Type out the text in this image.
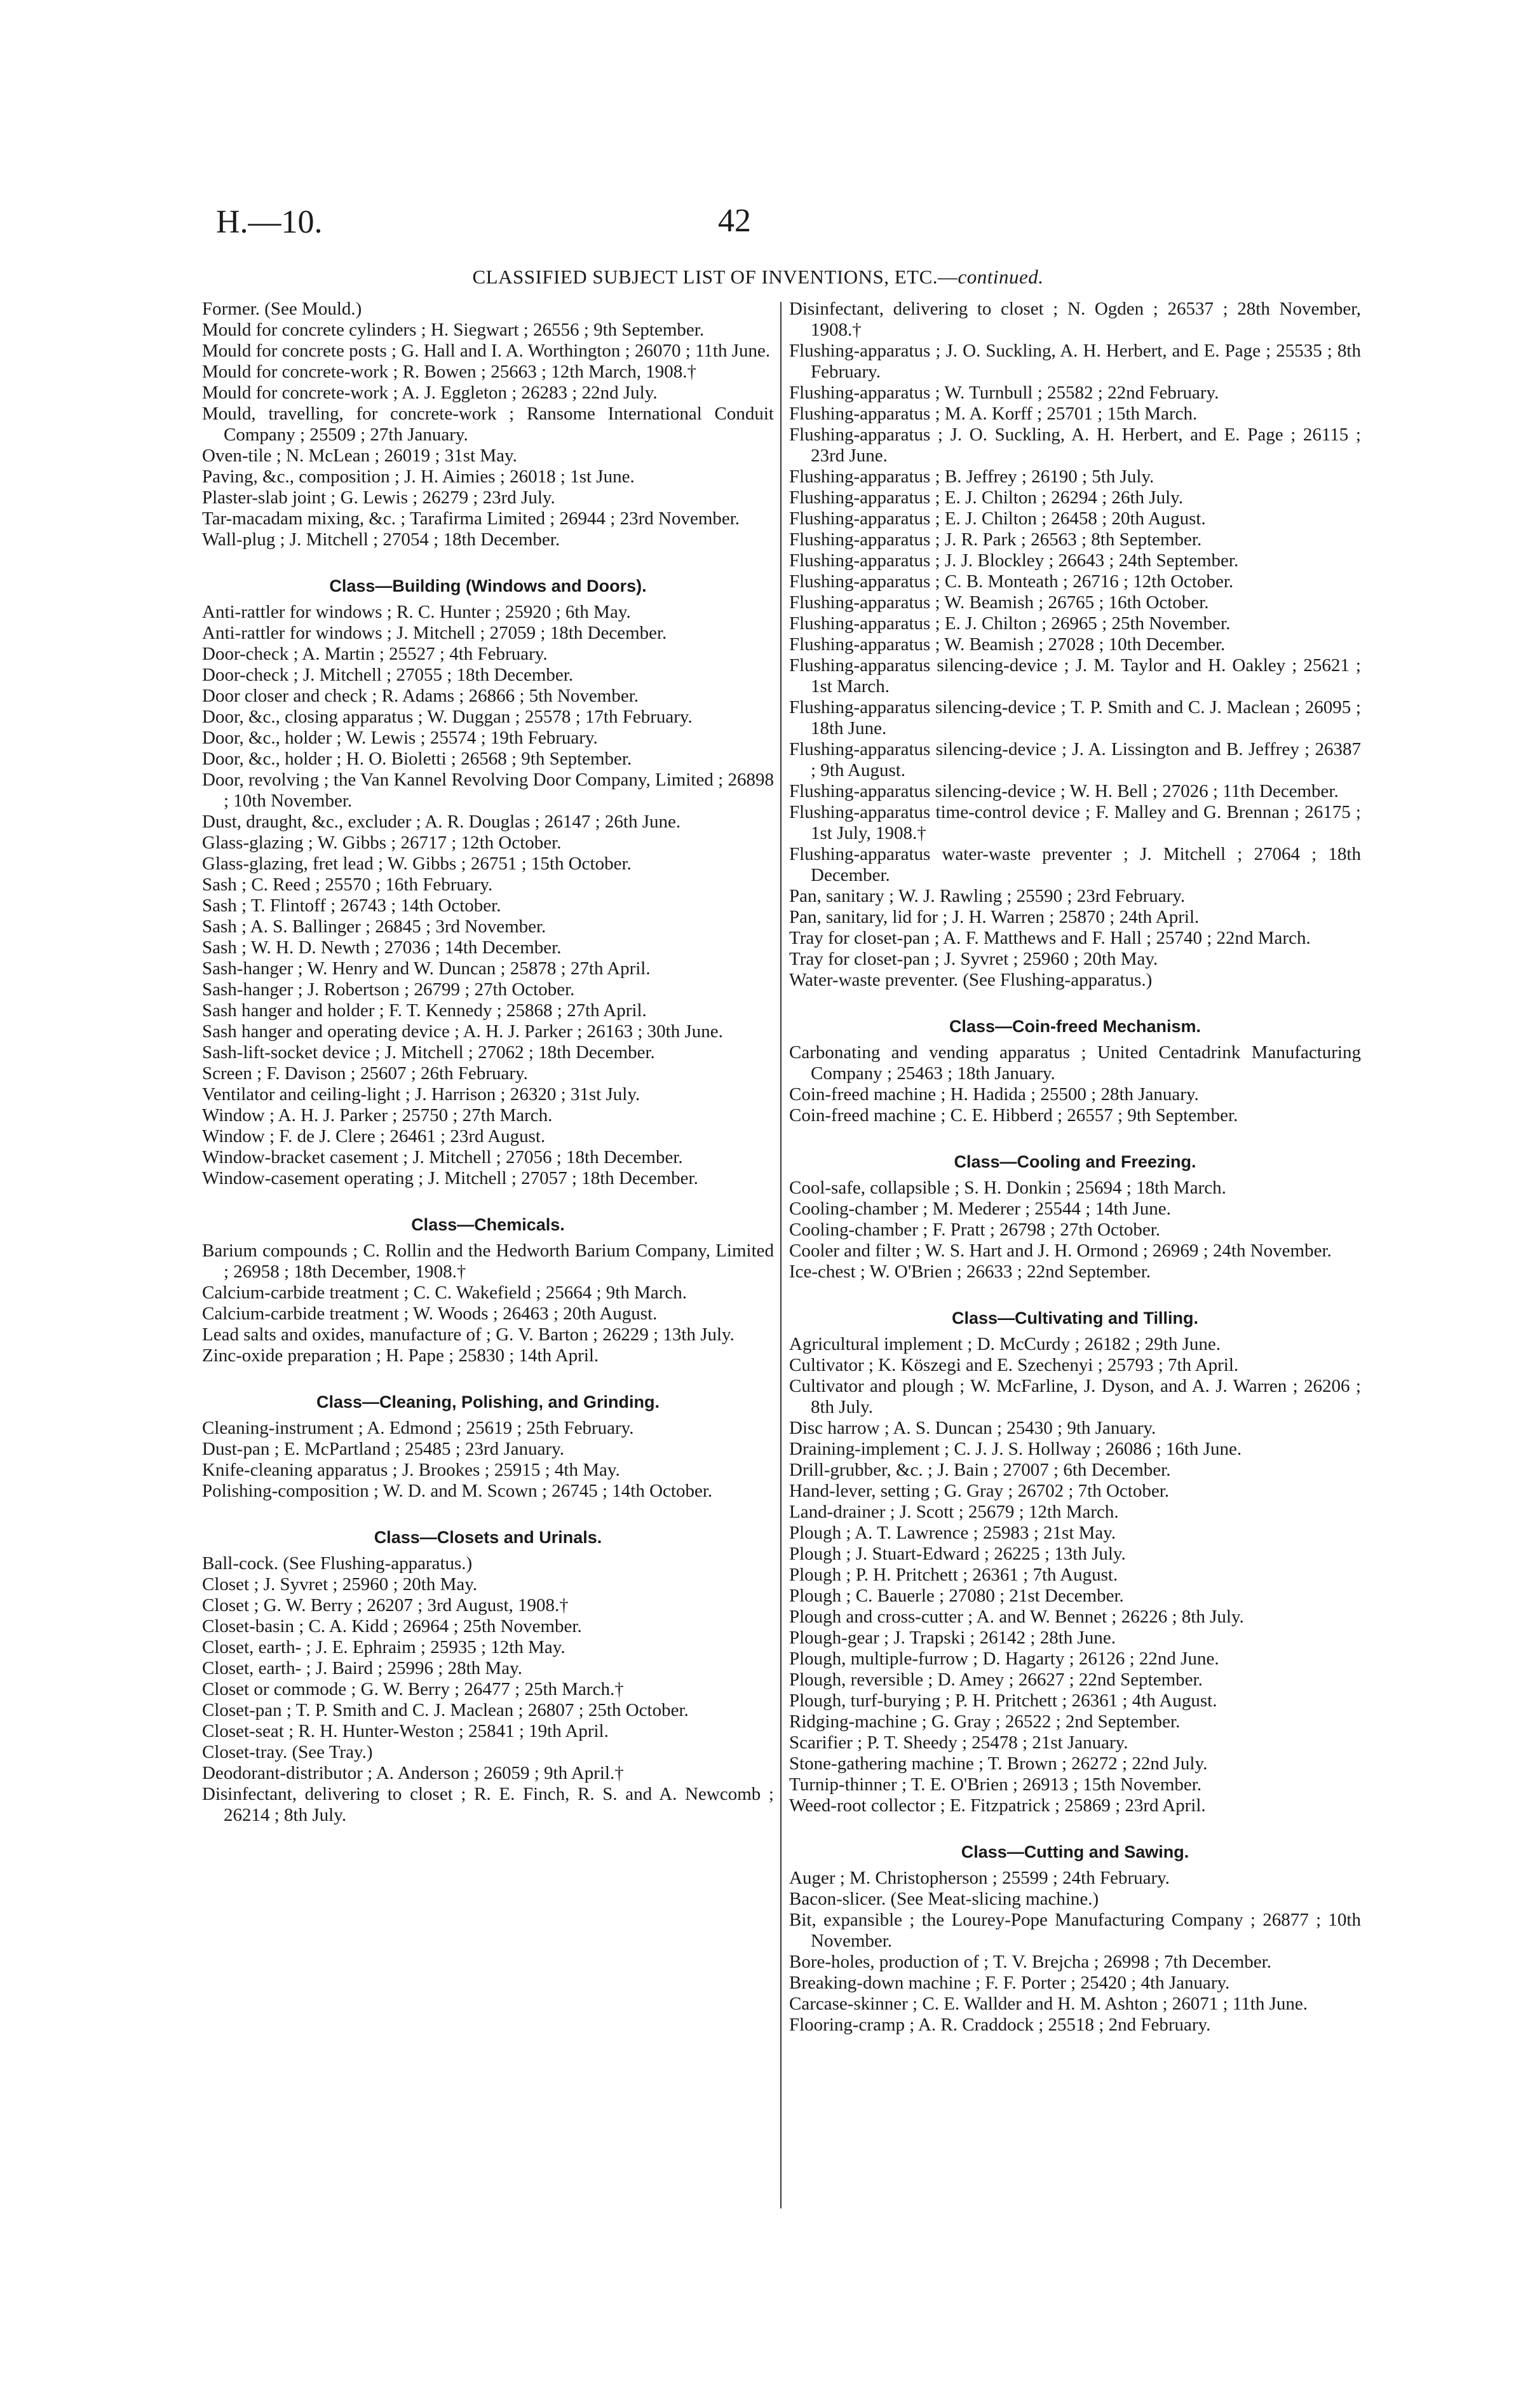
H.—10.	42
CLASSIFIED SUBJECT LIST OF INVENTIONS, ETC.—continued.

Former. (See Mould.)

Mould for concrete cylinders ; H. Siegwart ; 26556 ; 9th September.

Mould for concrete posts ; G. Hall and I. A. Worthington ; 26070 ; 11th June.

Mould for concrete-work ; R. Bowen ; 25663 ; 12th March, 1908.†

Mould for concrete-work ; A. J. Eggleton ; 26283 ; 22nd July.

Mould, travelling, for concrete-work ; Ransome International Conduit Company ; 25509 ; 27th January.

Oven-tile ; N. McLean ; 26019 ; 31st May.

Paving, &c., composition ; J. H. Aimies ; 26018 ; 1st June.

Plaster-slab joint ; G. Lewis ; 26279 ; 23rd July.

Tar-macadam mixing, &c. ; Tarafirma Limited ; 26944 ; 23rd November.

Wall-plug ; J. Mitchell ; 27054 ; 18th December.

Class—Building (Windows and Doors).

Anti-rattler for windows ; R. C. Hunter ; 25920 ; 6th May.

Anti-rattler for windows ; J. Mitchell ; 27059 ; 18th December.

Door-check ; A. Martin ; 25527 ; 4th February.

Door-check ; J. Mitchell ; 27055 ; 18th December.

Door closer and check ; R. Adams ; 26866 ; 5th November.

Door, &c., closing apparatus ; W. Duggan ; 25578 ; 17th February.

Door, &c., holder ; W. Lewis ; 25574 ; 19th February.

Door, &c., holder ; H. O. Bioletti ; 26568 ; 9th September.

Door, revolving ; the Van Kannel Revolving Door Company, Limited ; 26898 ; 10th November.

Dust, draught, &c., excluder ; A. R. Douglas ; 26147 ; 26th June.

Glass-glazing ; W. Gibbs ; 26717 ; 12th October.

Glass-glazing, fret lead ; W. Gibbs ; 26751 ; 15th October.

Sash ; C. Reed ; 25570 ; 16th February.

Sash ; T. Flintoff ; 26743 ; 14th October.

Sash ; A. S. Ballinger ; 26845 ; 3rd November.

Sash ; W. H. D. Newth ; 27036 ; 14th December.

Sash-hanger ; W. Henry and W. Duncan ; 25878 ; 27th April.

Sash-hanger ; J. Robertson ; 26799 ; 27th October.

Sash hanger and holder ; F. T. Kennedy ; 25868 ; 27th April.

Sash hanger and operating device ; A. H. J. Parker ; 26163 ; 30th June.

Sash-lift-socket device ; J. Mitchell ; 27062 ; 18th December.

Screen ; F. Davison ; 25607 ; 26th February.

Ventilator and ceiling-light ; J. Harrison ; 26320 ; 31st July.

Window ; A. H. J. Parker ; 25750 ; 27th March.

Window ; F. de J. Clere ; 26461 ; 23rd August.

Window-bracket casement ; J. Mitchell ; 27056 ; 18th December.

Window-casement operating ; J. Mitchell ; 27057 ; 18th December.

Class—Chemicals.

Barium compounds ; C. Rollin and the Hedworth Barium Company, Limited ; 26958 ; 18th December, 1908.†

Calcium-carbide treatment ; C. C. Wakefield ; 25664 ; 9th March.

Calcium-carbide treatment ; W. Woods ; 26463 ; 20th August.

Lead salts and oxides, manufacture of ; G. V. Barton ; 26229 ; 13th July.

Zinc-oxide preparation ; H. Pape ; 25830 ; 14th April.

Class—Cleaning, Polishing, and Grinding.

Cleaning-instrument ; A. Edmond ; 25619 ; 25th February.

Dust-pan ; E. McPartland ; 25485 ; 23rd January.

Knife-cleaning apparatus ; J. Brookes ; 25915 ; 4th May.

Polishing-composition ; W. D. and M. Scown ; 26745 ; 14th October.

Class—Closets and Urinals.

Ball-cock. (See Flushing-apparatus.)

Closet ; J. Syvret ; 25960 ; 20th May.

Closet ; G. W. Berry ; 26207 ; 3rd August, 1908.†

Closet-basin ; C. A. Kidd ; 26964 ; 25th November.

Closet, earth- ; J. E. Ephraim ; 25935 ; 12th May.

Closet, earth- ; J. Baird ; 25996 ; 28th May.

Closet or commode ; G. W. Berry ; 26477 ; 25th March.†

Closet-pan ; T. P. Smith and C. J. Maclean ; 26807 ; 25th October.

Closet-seat ; R. H. Hunter-Weston ; 25841 ; 19th April.

Closet-tray. (See Tray.)

Deodorant-distributor ; A. Anderson ; 26059 ; 9th April.†

Disinfectant, delivering to closet ; R. E. Finch, R. S. and A. Newcomb ; 26214 ; 8th July.

Disinfectant, delivering to closet ; N. Ogden ; 26537 ; 28th November, 1908.†

Flushing-apparatus ; J. O. Suckling, A. H. Herbert, and E. Page ; 25535 ; 8th February.

Flushing-apparatus ; W. Turnbull ; 25582 ; 22nd February.

Flushing-apparatus ; M. A. Korff ; 25701 ; 15th March.

Flushing-apparatus ; J. O. Suckling, A. H. Herbert, and E. Page ; 26115 ; 23rd June.

Flushing-apparatus ; B. Jeffrey ; 26190 ; 5th July.

Flushing-apparatus ; E. J. Chilton ; 26294 ; 26th July.

Flushing-apparatus ; E. J. Chilton ; 26458 ; 20th August.

Flushing-apparatus ; J. R. Park ; 26563 ; 8th September.

Flushing-apparatus ; J. J. Blockley ; 26643 ; 24th September.

Flushing-apparatus ; C. B. Monteath ; 26716 ; 12th October.

Flushing-apparatus ; W. Beamish ; 26765 ; 16th October.

Flushing-apparatus ; E. J. Chilton ; 26965 ; 25th November.

Flushing-apparatus ; W. Beamish ; 27028 ; 10th December.

Flushing-apparatus silencing-device ; J. M. Taylor and H. Oakley ; 25621 ; 1st March.

Flushing-apparatus silencing-device ; T. P. Smith and C. J. Maclean ; 26095 ; 18th June.

Flushing-apparatus silencing-device ; J. A. Lissington and B. Jeffrey ; 26387 ; 9th August.

Flushing-apparatus silencing-device ; W. H. Bell ; 27026 ; 11th December.

Flushing-apparatus time-control device ; F. Malley and G. Brennan ; 26175 ; 1st July, 1908.†

Flushing-apparatus water-waste preventer ; J. Mitchell ; 27064 ; 18th December.

Pan, sanitary ; W. J. Rawling ; 25590 ; 23rd February.

Pan, sanitary, lid for ; J. H. Warren ; 25870 ; 24th April.

Tray for closet-pan ; A. F. Matthews and F. Hall ; 25740 ; 22nd March.

Tray for closet-pan ; J. Syvret ; 25960 ; 20th May.

Water-waste preventer. (See Flushing-apparatus.)

Class—Coin-freed Mechanism.

Carbonating and vending apparatus ; United Centadrink Manufacturing Company ; 25463 ; 18th January.

Coin-freed machine ; H. Hadida ; 25500 ; 28th January.

Coin-freed machine ; C. E. Hibberd ; 26557 ; 9th September.

Class—Cooling and Freezing.

Cool-safe, collapsible ; S. H. Donkin ; 25694 ; 18th March.

Cooling-chamber ; M. Mederer ; 25544 ; 14th June.

Cooling-chamber ; F. Pratt ; 26798 ; 27th October.

Cooler and filter ; W. S. Hart and J. H. Ormond ; 26969 ; 24th November.

Ice-chest ; W. O'Brien ; 26633 ; 22nd September.

Class—Cultivating and Tilling.

Agricultural implement ; D. McCurdy ; 26182 ; 29th June.

Cultivator ; K. Köszegi and E. Szechenyi ; 25793 ; 7th April.

Cultivator and plough ; W. McFarline, J. Dyson, and A. J. Warren ; 26206 ; 8th July.

Disc harrow ; A. S. Duncan ; 25430 ; 9th January.

Draining-implement ; C. J. J. S. Hollway ; 26086 ; 16th June.

Drill-grubber, &c. ; J. Bain ; 27007 ; 6th December.

Hand-lever, setting ; G. Gray ; 26702 ; 7th October.

Land-drainer ; J. Scott ; 25679 ; 12th March.

Plough ; A. T. Lawrence ; 25983 ; 21st May.

Plough ; J. Stuart-Edward ; 26225 ; 13th July.

Plough ; P. H. Pritchett ; 26361 ; 7th August.

Plough ; C. Bauerle ; 27080 ; 21st December.

Plough and cross-cutter ; A. and W. Bennet ; 26226 ; 8th July.

Plough-gear ; J. Trapski ; 26142 ; 28th June.

Plough, multiple-furrow ; D. Hagarty ; 26126 ; 22nd June.

Plough, reversible ; D. Amey ; 26627 ; 22nd September.

Plough, turf-burying ; P. H. Pritchett ; 26361 ; 4th August.

Ridging-machine ; G. Gray ; 26522 ; 2nd September.

Scarifier ; P. T. Sheedy ; 25478 ; 21st January.

Stone-gathering machine ; T. Brown ; 26272 ; 22nd July.

Turnip-thinner ; T. E. O'Brien ; 26913 ; 15th November.

Weed-root collector ; E. Fitzpatrick ; 25869 ; 23rd April.

Class—Cutting and Sawing.

Auger ; M. Christopherson ; 25599 ; 24th February.

Bacon-slicer. (See Meat-slicing machine.)

Bit, expansible ; the Lourey-Pope Manufacturing Company ; 26877 ; 10th November.

Bore-holes, production of ; T. V. Brejcha ; 26998 ; 7th December.

Breaking-down machine ; F. F. Porter ; 25420 ; 4th January.

Carcase-skinner ; C. E. Wallder and H. M. Ashton ; 26071 ; 11th June.

Flooring-cramp ; A. R. Craddock ; 25518 ; 2nd February.
